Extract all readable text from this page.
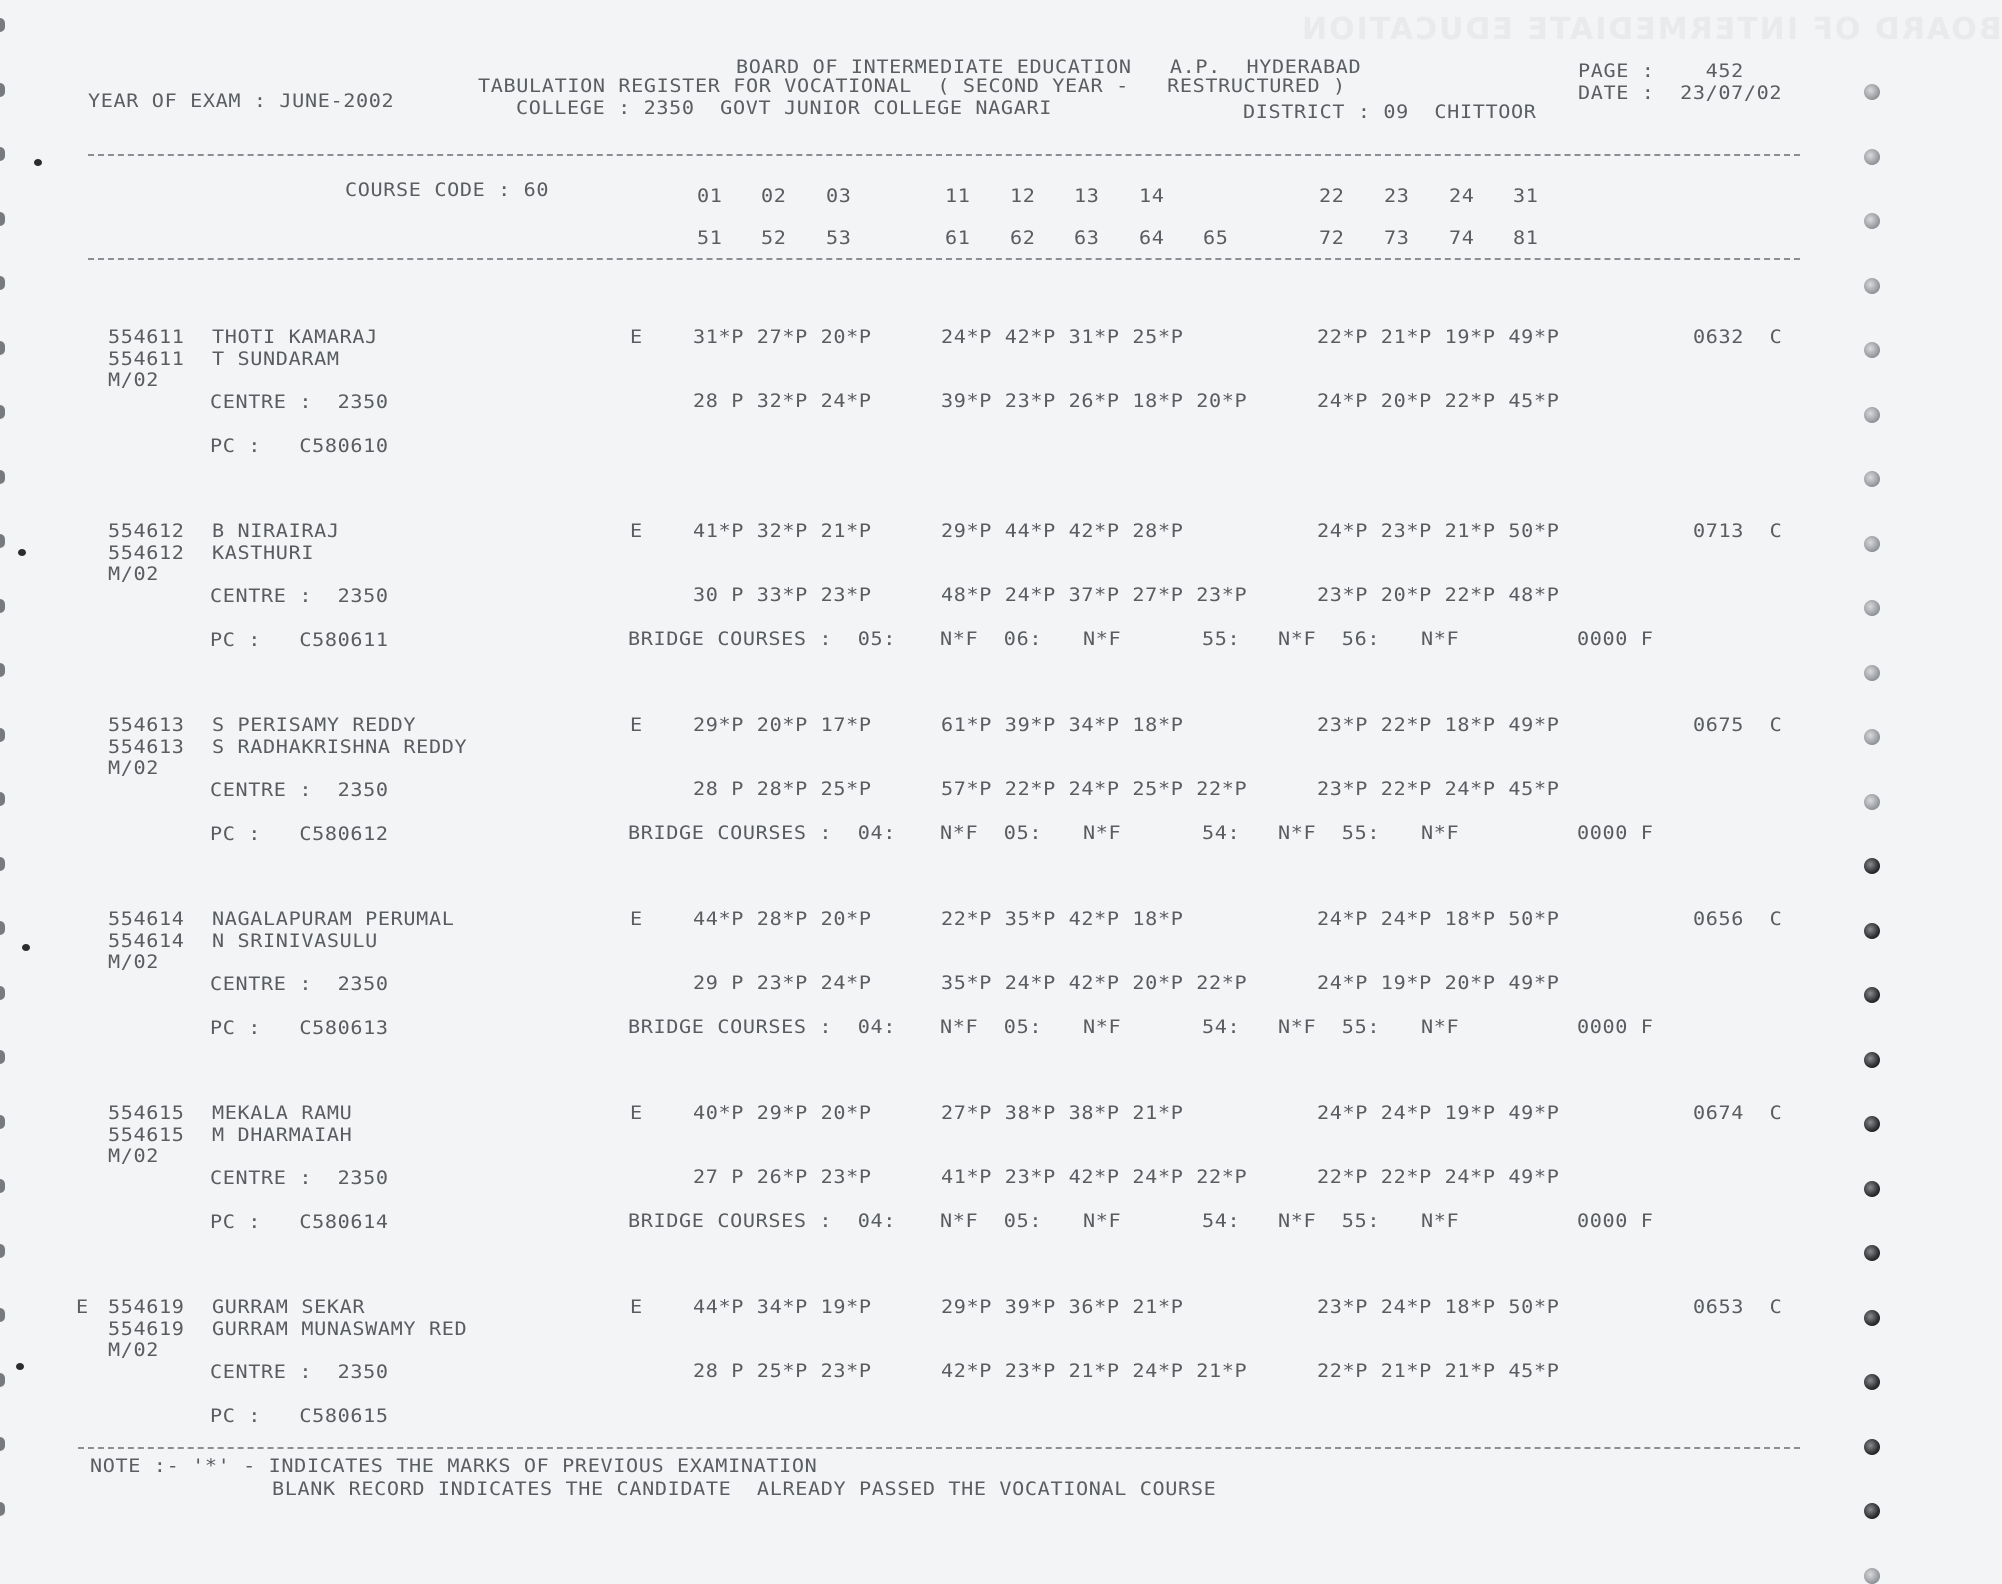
BOARD OF INTERMEDIATE EDUCATION
BOARD OF INTERMEDIATE EDUCATION   A.P.  HYDERABAD
TABULATION REGISTER FOR VOCATIONAL  ( SECOND YEAR -   RESTRUCTURED )
COLLEGE : 2350  GOVT JUNIOR COLLEGE NAGARI	DISTRICT : 09  CHITTOOR
YEAR OF EXAM : JUNE-2002
PAGE :    452
DATE :  23/07/02
COURSE CODE : 60	01 02 03	11 12 13 14	22 23 24 31
51 52 53	61 62 63 64 65	72 73 74 81
554611 THOTI KAMARAJ
554611 T SUNDARAM
M/02
CENTRE :  2350
PC :   C580610
E	31*P 27*P 20*P	24*P 42*P 31*P 25*P	22*P 21*P 19*P 49*P	0632  C
28 P 32*P 24*P	39*P 23*P 26*P 18*P 20*P	24*P 20*P 22*P 45*P
554612 B NIRAIRAJ
554612 KASTHURI
M/02
CENTRE :  2350
PC :   C580611
E	41*P 32*P 21*P	29*P 44*P 42*P 28*P	24*P 23*P 21*P 50*P	0713  C
30 P 33*P 23*P	48*P 24*P 37*P 27*P 23*P	23*P 20*P 22*P 48*P
BRIDGE COURSES :  05: N*F  06: N*F	55: N*F  56: N*F	0000 F
554613 S PERISAMY REDDY
554613 S RADHAKRISHNA REDDY
M/02
CENTRE :  2350
PC :   C580612
E	29*P 20*P 17*P	61*P 39*P 34*P 18*P	23*P 22*P 18*P 49*P	0675  C
28 P 28*P 25*P	57*P 22*P 24*P 25*P 22*P	23*P 22*P 24*P 45*P
BRIDGE COURSES :  04: N*F  05: N*F	54: N*F  55: N*F	0000 F
554614 NAGALAPURAM PERUMAL
554614 N SRINIVASULU
M/02
CENTRE :  2350
PC :   C580613
E	44*P 28*P 20*P	22*P 35*P 42*P 18*P	24*P 24*P 18*P 50*P	0656  C
29 P 23*P 24*P	35*P 24*P 42*P 20*P 22*P	24*P 19*P 20*P 49*P
BRIDGE COURSES :  04: N*F  05: N*F	54: N*F  55: N*F	0000 F
554615 MEKALA RAMU
554615 M DHARMAIAH
M/02
CENTRE :  2350
PC :   C580614
E	40*P 29*P 20*P	27*P 38*P 38*P 21*P	24*P 24*P 19*P 49*P	0674  C
27 P 26*P 23*P	41*P 23*P 42*P 24*P 22*P	22*P 22*P 24*P 49*P
BRIDGE COURSES :  04: N*F  05: N*F	54: N*F  55: N*F	0000 F
E 554619 GURRAM SEKAR
554619 GURRAM MUNASWAMY RED
M/02
CENTRE :  2350
PC :   C580615
E	44*P 34*P 19*P	29*P 39*P 36*P 21*P	23*P 24*P 18*P 50*P	0653  C
28 P 25*P 23*P	42*P 23*P 21*P 24*P 21*P	22*P 21*P 21*P 45*P
NOTE :- '*' - INDICATES THE MARKS OF PREVIOUS EXAMINATION
BLANK RECORD INDICATES THE CANDIDATE  ALREADY PASSED THE VOCATIONAL COURSE
